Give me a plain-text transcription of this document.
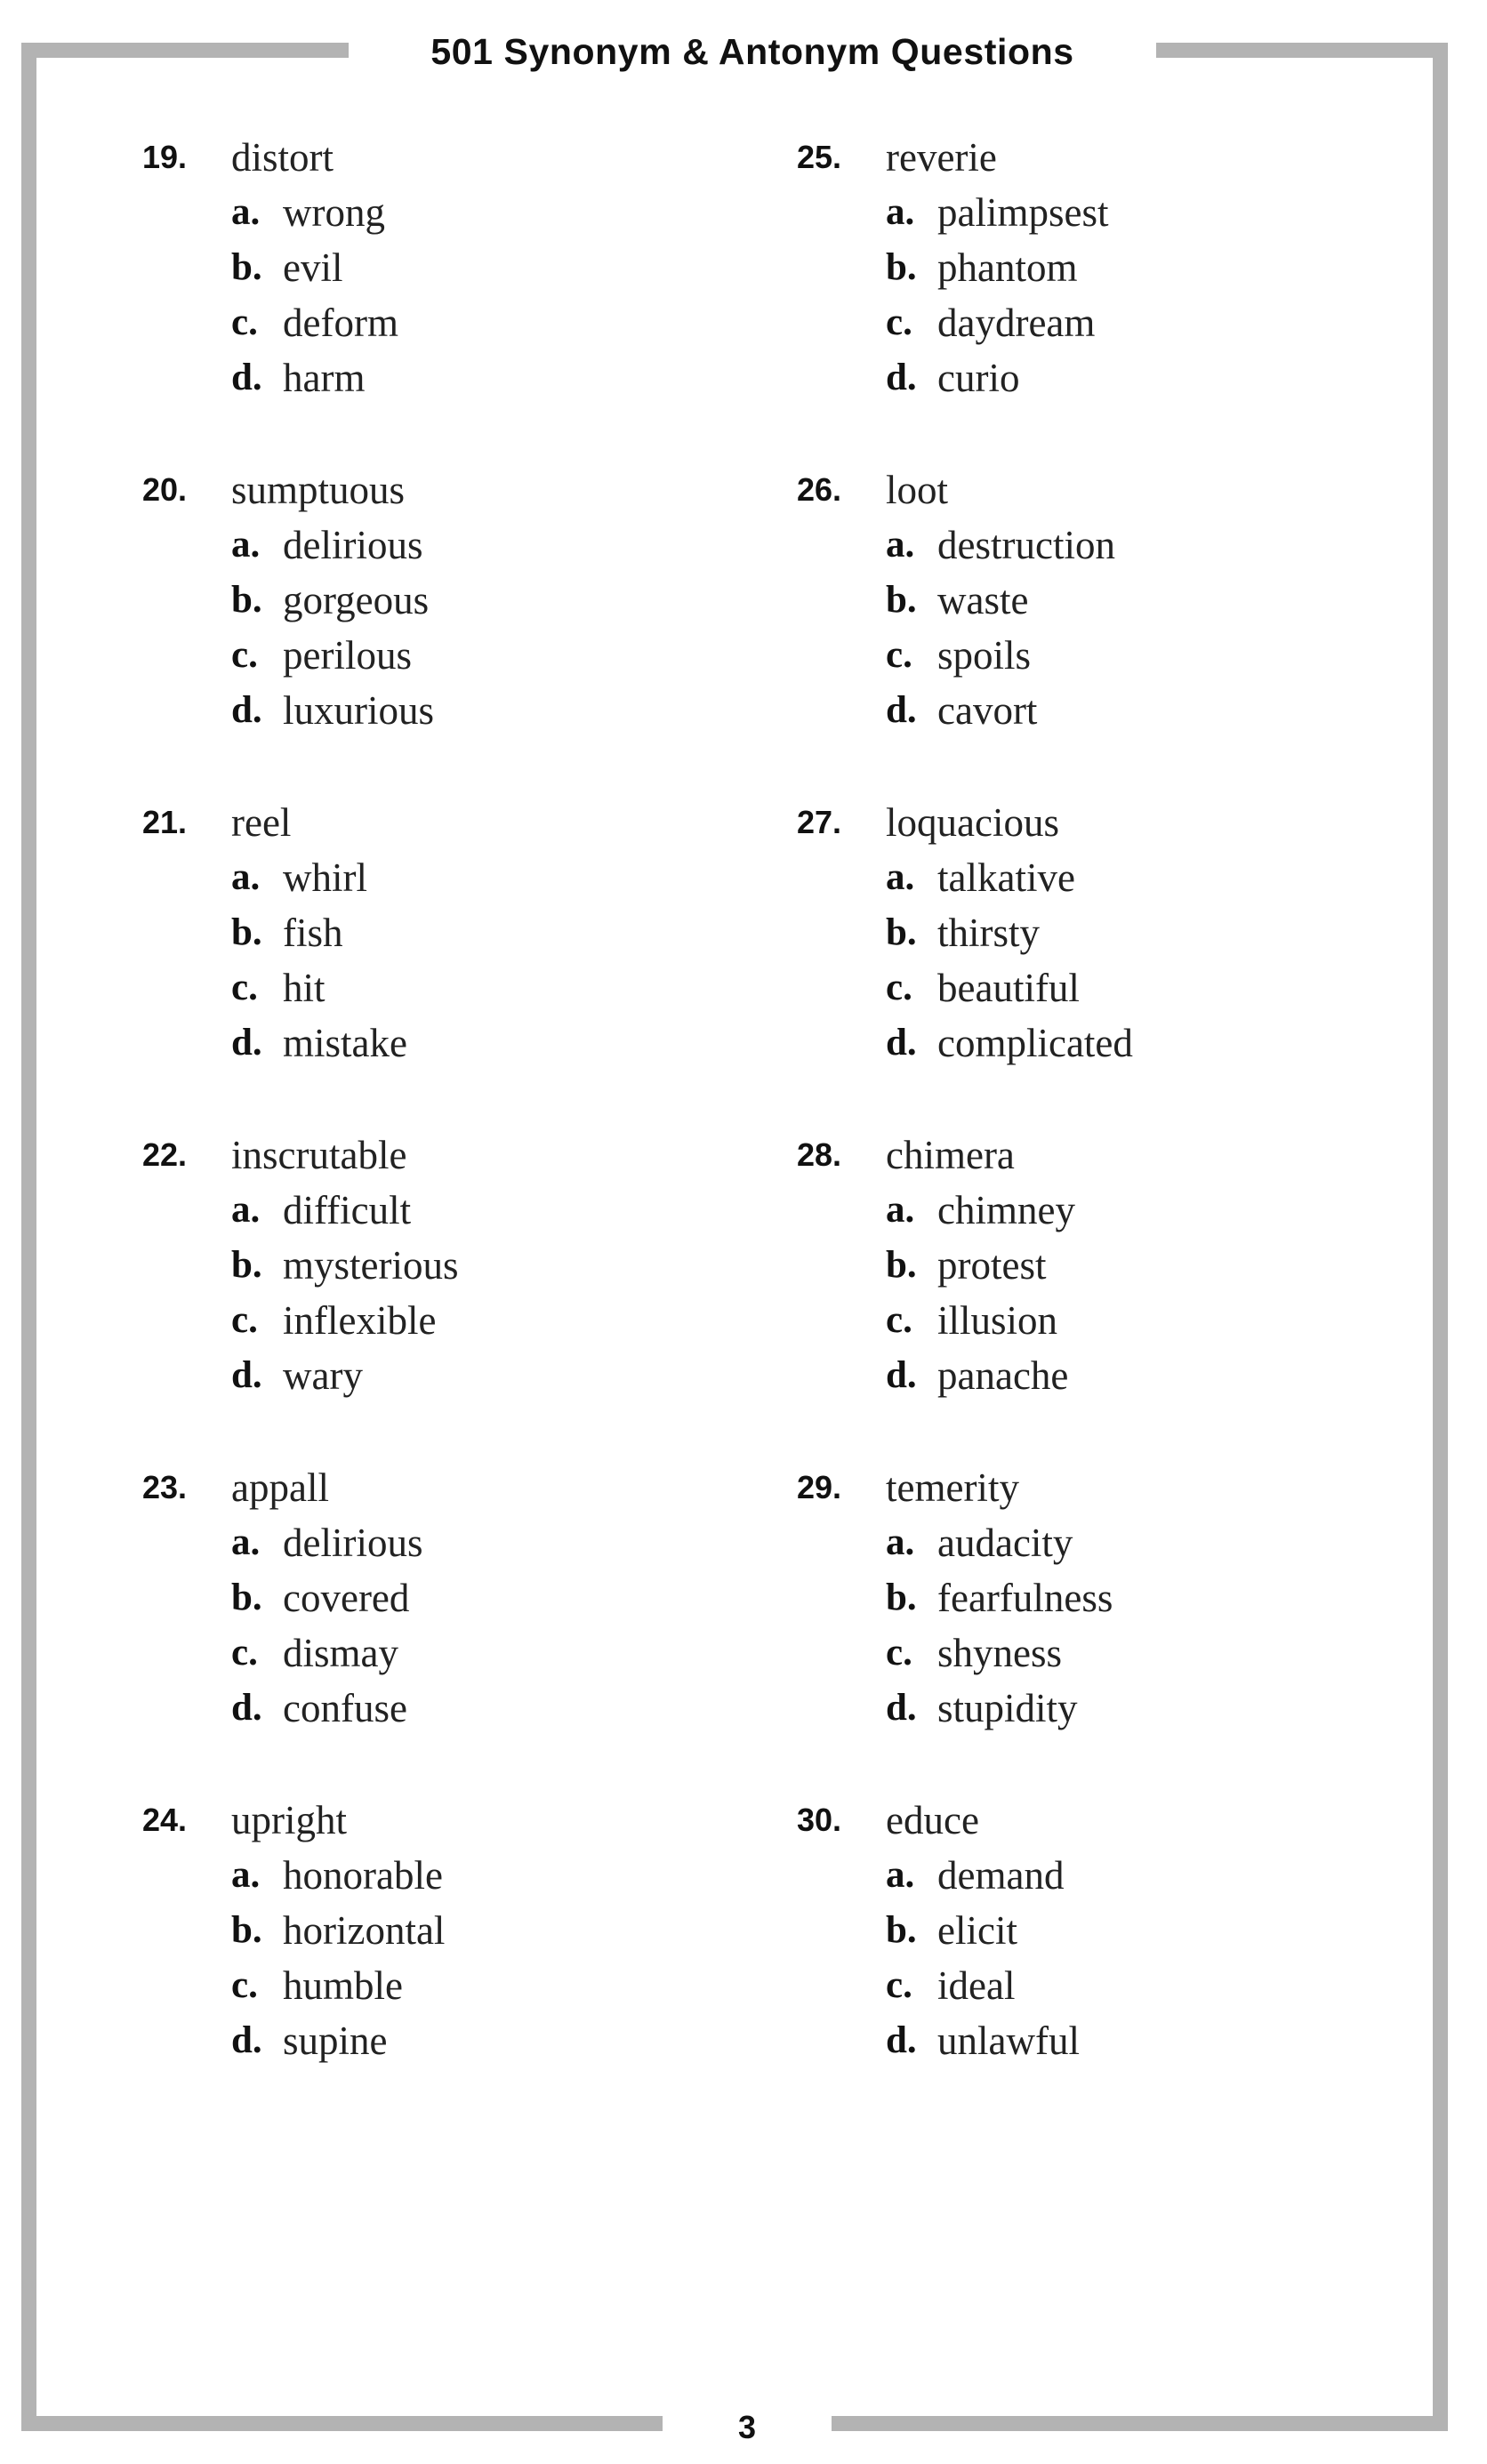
501 Synonym & Antonym Questions
19. distort
a. wrong
b. evil
c. deform
d. harm
20. sumptuous
a. delirious
b. gorgeous
c. perilous
d. luxurious
21. reel
a. whirl
b. fish
c. hit
d. mistake
22. inscrutable
a. difficult
b. mysterious
c. inflexible
d. wary
23. appall
a. delirious
b. covered
c. dismay
d. confuse
24. upright
a. honorable
b. horizontal
c. humble
d. supine
25. reverie
a. palimpsest
b. phantom
c. daydream
d. curio
26. loot
a. destruction
b. waste
c. spoils
d. cavort
27. loquacious
a. talkative
b. thirsty
c. beautiful
d. complicated
28. chimera
a. chimney
b. protest
c. illusion
d. panache
29. temerity
a. audacity
b. fearfulness
c. shyness
d. stupidity
30. educe
a. demand
b. elicit
c. ideal
d. unlawful
3
